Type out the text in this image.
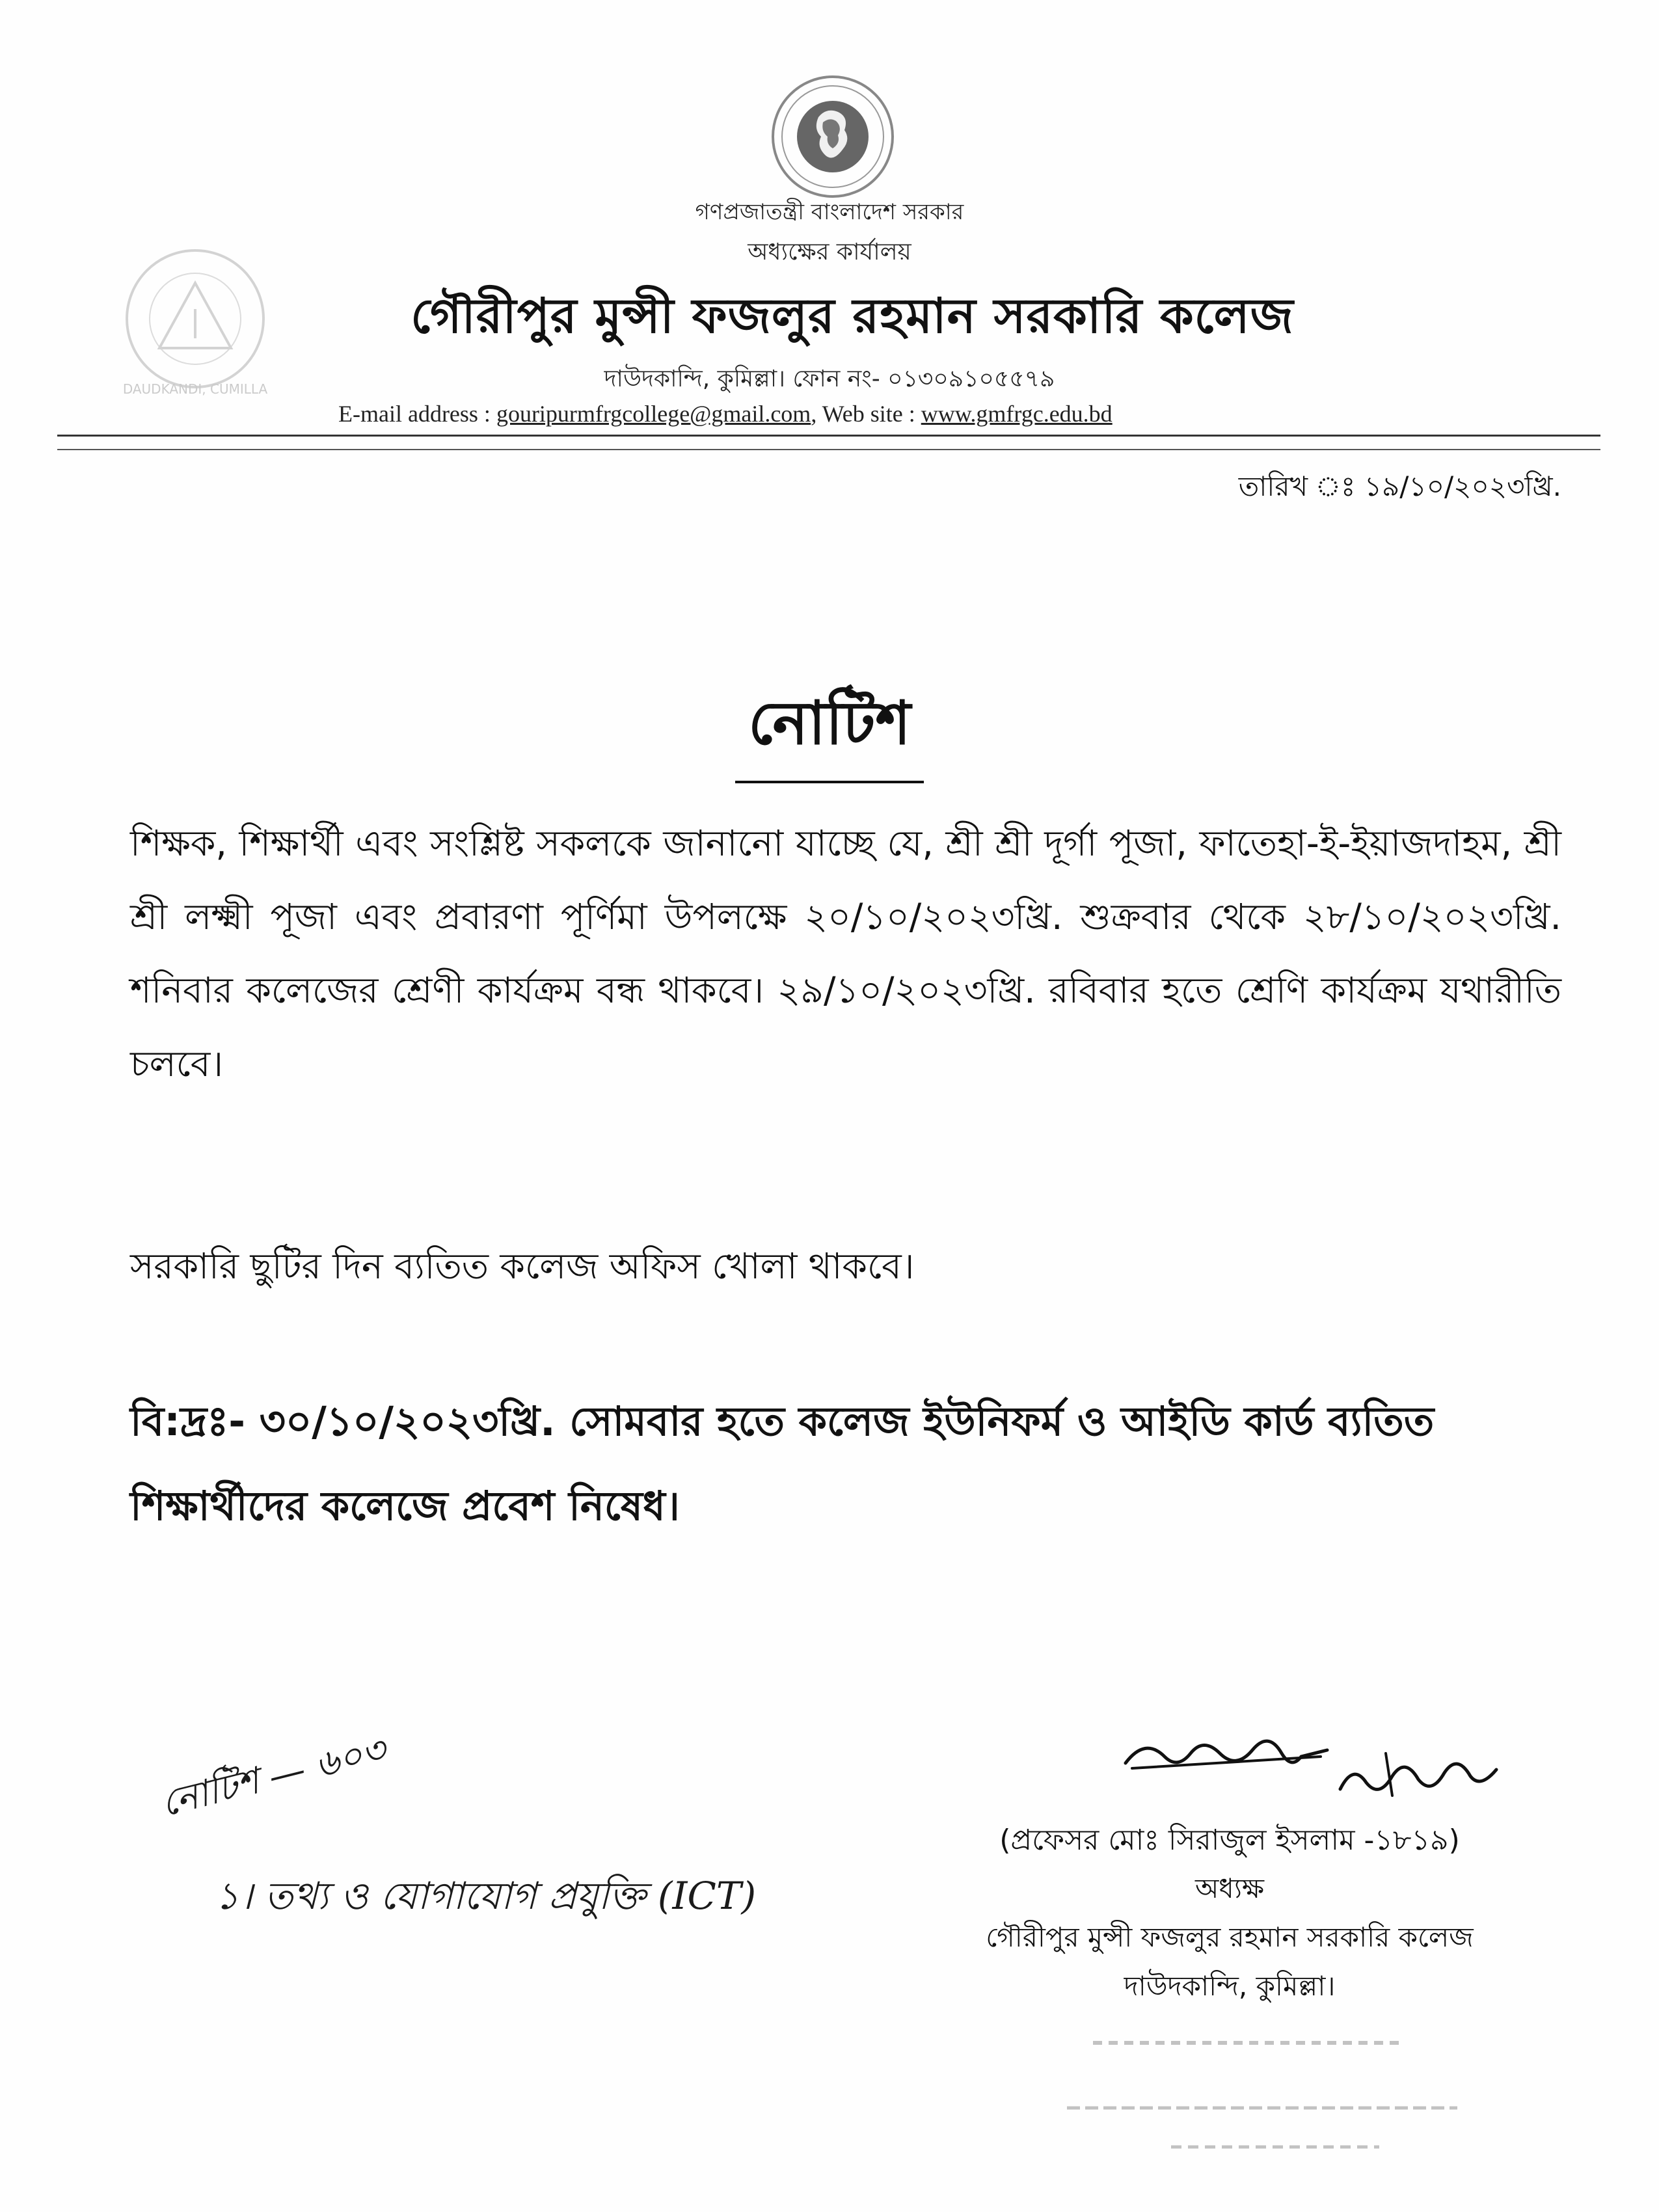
গণপ্রজাতন্ত্রী বাংলাদেশ সরকার
অধ্যক্ষের কার্যালয়
DAUDKANDI, CUMILLA
গৌরীপুর মুন্সী ফজলুর রহমান সরকারি কলেজ
দাউদকান্দি, কুমিল্লা। ফোন নং- ০১৩০৯১০৫৫৭৯
E-mail address : gouripurmfrgcollege@gmail.com, Web site : www.gmfrgc.edu.bd
তারিখ ঃ ১৯/১০/২০২৩খ্রি.
নোটিশ
শিক্ষক, শিক্ষার্থী এবং সংশ্লিষ্ট সকলকে জানানো যাচ্ছে যে, শ্রী শ্রী দূর্গা পূজা, ফাতেহা-ই-ইয়াজদাহম, শ্রী শ্রী লক্ষ্মী পূজা এবং প্রবারণা পূর্ণিমা উপলক্ষে ২০/১০/২০২৩খ্রি. শুক্রবার থেকে ২৮/১০/২০২৩খ্রি. শনিবার কলেজের শ্রেণী কার্যক্রম বন্ধ থাকবে। ২৯/১০/২০২৩খ্রি. রবিবার হতে শ্রেণি কার্যক্রম যথারীতি চলবে।
সরকারি ছুটির দিন ব্যতিত কলেজ অফিস খোলা থাকবে।
বি:দ্রঃ- ৩০/১০/২০২৩খ্রি. সোমবার হতে কলেজ ইউনিফর্ম ও আইডি কার্ড ব্যতিত শিক্ষার্থীদের কলেজে প্রবেশ নিষেধ।
নোটিশ — ৬০৩
১। তথ্য ও যোগাযোগ প্রযুক্তি (ICT)
(প্রফেসর মোঃ সিরাজুল ইসলাম -১৮১৯)
অধ্যক্ষ
গৌরীপুর মুন্সী ফজলুর রহমান সরকারি কলেজ
দাউদকান্দি, কুমিল্লা।
